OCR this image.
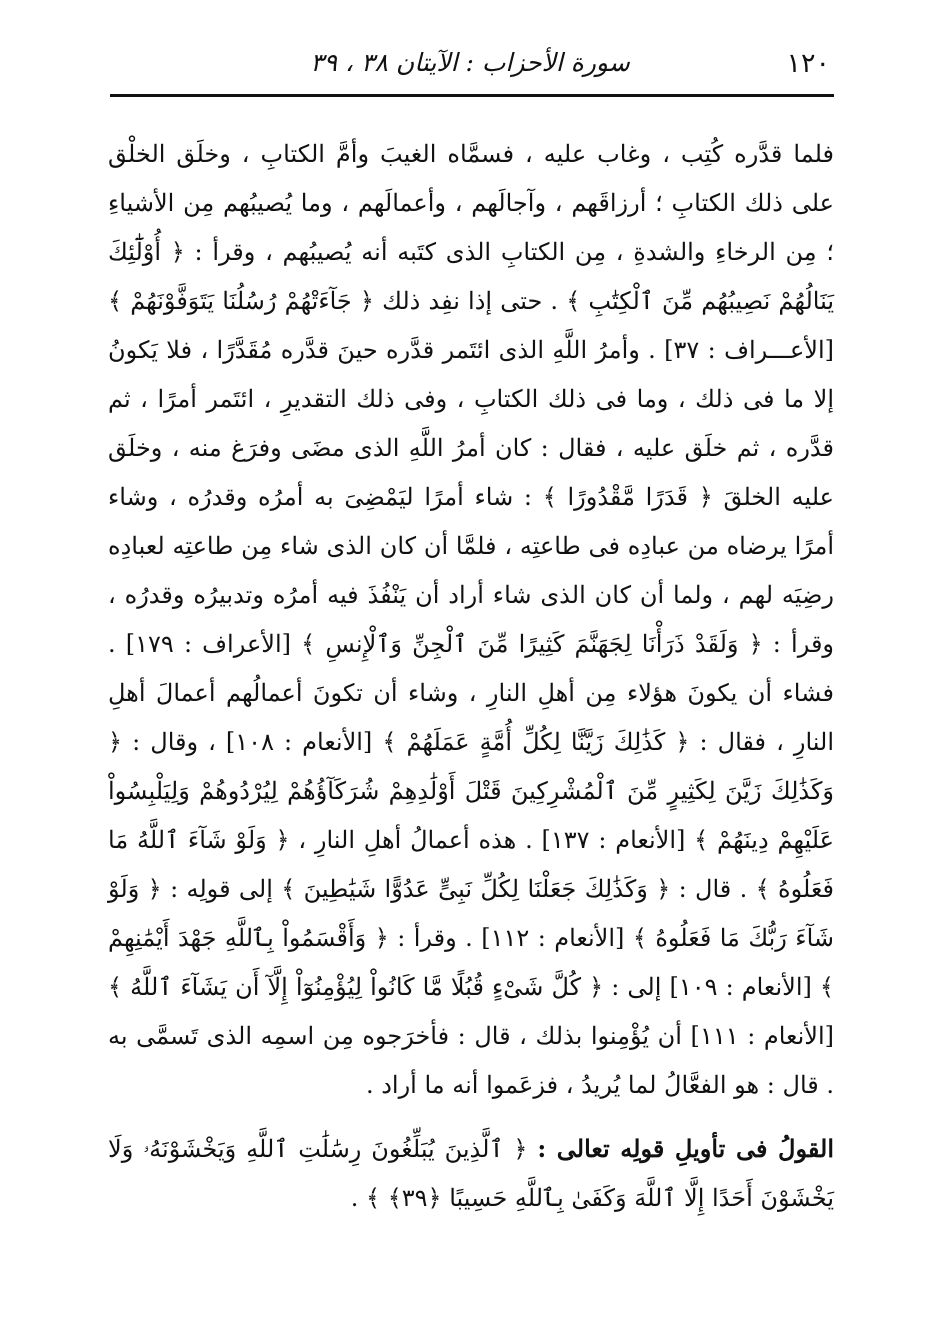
١٢٠
سورة الأحزاب : الآيتان ٣٨ ، ٣٩

فلما قدَّره كُتِب ، وغاب عليه ، فسمَّاه الغيبَ وأمَّ الكتابِ ، وخلَق الخلْق على ذلك الكتابِ ؛ أرزاقَهم ، وآجالَهم ، وأعمالَهم ، وما يُصيبُهم مِن الأشياءِ ؛ مِن الرخاءِ والشدةِ ، مِن الكتابِ الذى كتَبه أنه يُصيبُهم ، وقرأ : ﴿ أُوْلَٰٓئِكَ يَنَالُهُمْ نَصِيبُهُم مِّنَ ٱلْكِتَٰبِ ﴾ . حتى إذا نفِد ذلك ﴿ جَآءَتْهُمْ رُسُلُنَا يَتَوَفَّوْنَهُمْ ﴾ [الأعـــراف : ٣٧] . وأمرُ اللَّهِ الذى ائتَمر قدَّره حينَ قدَّره مُقَدَّرًا ، فلا يَكونُ إلا ما فى ذلك ، وما فى ذلك الكتابِ ، وفى ذلك التقديرِ ، ائتَمر أمرًا ، ثم قدَّره ، ثم خلَق عليه ، فقال : كان أمرُ اللَّهِ الذى مضَى وفرَغ منه ، وخلَق عليه الخلقَ ﴿ قَدَرًا مَّقْدُورًا ﴾ : شاء أمرًا ليَمْضِىَ به أمرُه وقدرُه ، وشاء أمرًا يرضاه من عبادِه فى طاعتِه ، فلمَّا أن كان الذى شاء مِن طاعتِه لعبادِه رضِيَه لهم ، ولما أن كان الذى شاء أراد أن يَنْفُذَ فيه أمرُه وتدبيرُه وقدرُه ، وقرأ : ﴿ وَلَقَدْ ذَرَأْنَا لِجَهَنَّمَ كَثِيرًا مِّنَ ٱلْجِنِّ وَٱلْإِنسِ ﴾ [الأعراف : ١٧٩] . فشاء أن يكونَ هؤلاء مِن أهلِ النارِ ، وشاء أن تكونَ أعمالُهم أعمالَ أهلِ النارِ ، فقال : ﴿ كَذَٰلِكَ زَيَّنَّا لِكُلِّ أُمَّةٍ عَمَلَهُمْ ﴾ [الأنعام : ١٠٨] ، وقال : ﴿ وَكَذَٰلِكَ زَيَّنَ لِكَثِيرٍ مِّنَ ٱلْمُشْرِكِينَ قَتْلَ أَوْلَٰدِهِمْ شُرَكَآؤُهُمْ لِيُرْدُوهُمْ وَلِيَلْبِسُواْ عَلَيْهِمْ دِينَهُمْ ﴾ [الأنعام : ١٣٧] . هذه أعمالُ أهلِ النارِ ، ﴿ وَلَوْ شَآءَ ٱللَّهُ مَا فَعَلُوهُ ﴾ . قال : ﴿ وَكَذَٰلِكَ جَعَلْنَا لِكُلِّ نَبِىٍّ عَدُوًّا شَيَٰطِينَ ﴾ إلى قولِه : ﴿ وَلَوْ شَآءَ رَبُّكَ مَا فَعَلُوهُ ﴾ [الأنعام : ١١٢] . وقرأ : ﴿ وَأَقْسَمُواْ بِٱللَّهِ جَهْدَ أَيْمَٰنِهِمْ ﴾ [الأنعام : ١٠٩] إلى : ﴿ كُلَّ شَىْءٍ قُبُلًا مَّا كَانُواْ لِيُؤْمِنُوٓاْ إِلَّآ أَن يَشَآءَ ٱللَّهُ ﴾ [الأنعام : ١١١] أن يُؤْمِنوا بذلك ، قال : فأخرَجوه مِن اسمِه الذى تَسمَّى به . قال : هو الفعَّالُ لما يُريدُ ، فزعَموا أنه ما أراد .

القولُ فى تأويلِ قولِه تعالى : ﴿ ٱلَّذِينَ يُبَلِّغُونَ رِسَٰلَٰتِ ٱللَّهِ وَيَخْشَوْنَهُۥ وَلَا يَخْشَوْنَ أَحَدًا إِلَّا ٱللَّهَ وَكَفَىٰ بِٱللَّهِ حَسِيبًا ﴿٣٩﴾ ﴾ .
